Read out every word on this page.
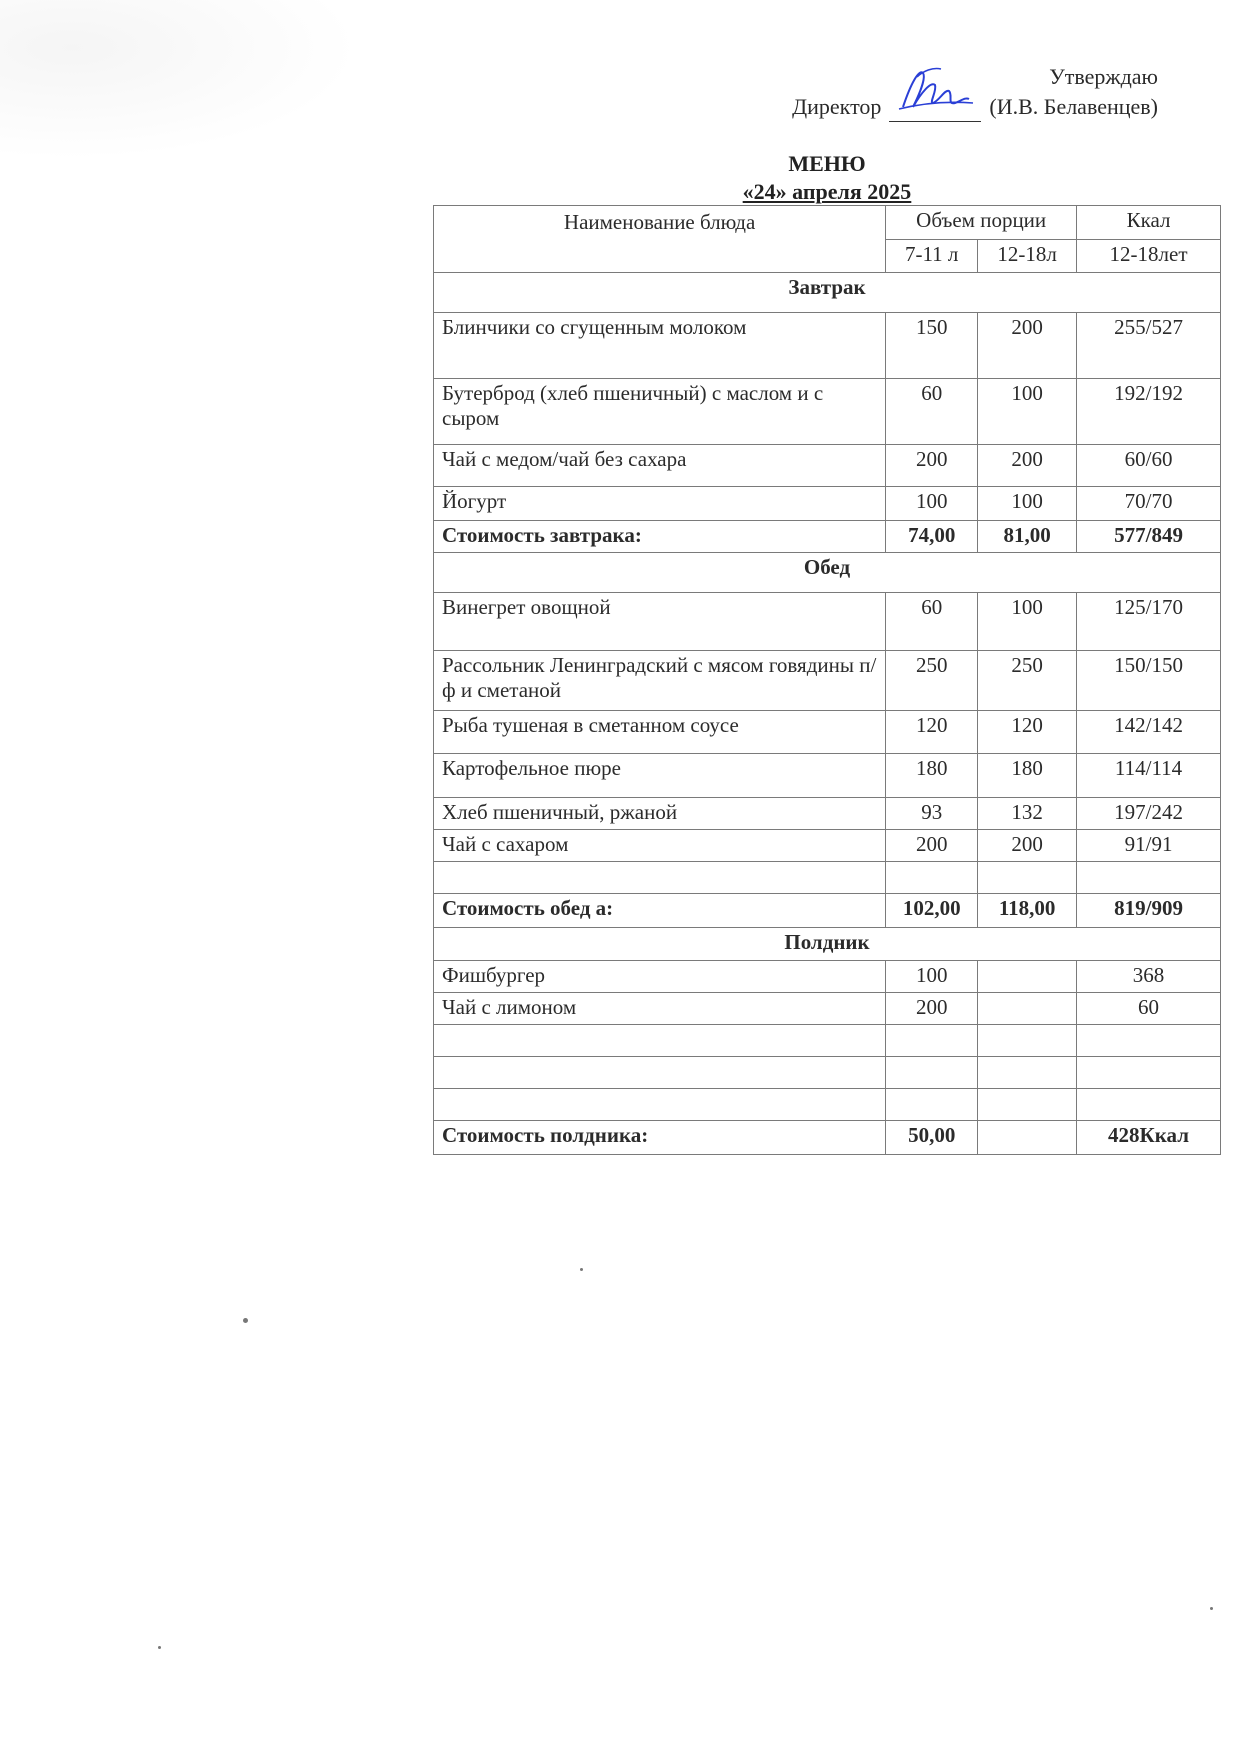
Утверждаю
Директор	(И.В. Белавенцев)
МЕНЮ
«24» апреля 2025
Наименование блюда	Объем порции		Ккал
	7-11 л	12-18л	12-18лет
Завтрак			
Блинчики со сгущенным молоком	150	200	255/527
Бутерброд (хлеб пшеничный) с маслом и с сыром	60	100	192/192
Чай с медом/чай без сахара	200	200	60/60
Йогурт	100	100	70/70
Стоимость завтрака:	74,00	81,00	577/849
Обед			
Винегрет овощной	60	100	125/170
Рассольник Ленинградский с мясом говядины п/ф и сметаной	250	250	150/150
Рыба тушеная в сметанном соусе	120	120	142/142
Картофельное пюре	180	180	114/114
Хлеб пшеничный, ржаной	93	132	197/242
Чай с сахаром	200	200	91/91

Стоимость обед а:	102,00	118,00	819/909
Полдник			
Фишбургер	100		368
Чай с лимоном	200		60

Стоимость полдника:	50,00		428Ккал
